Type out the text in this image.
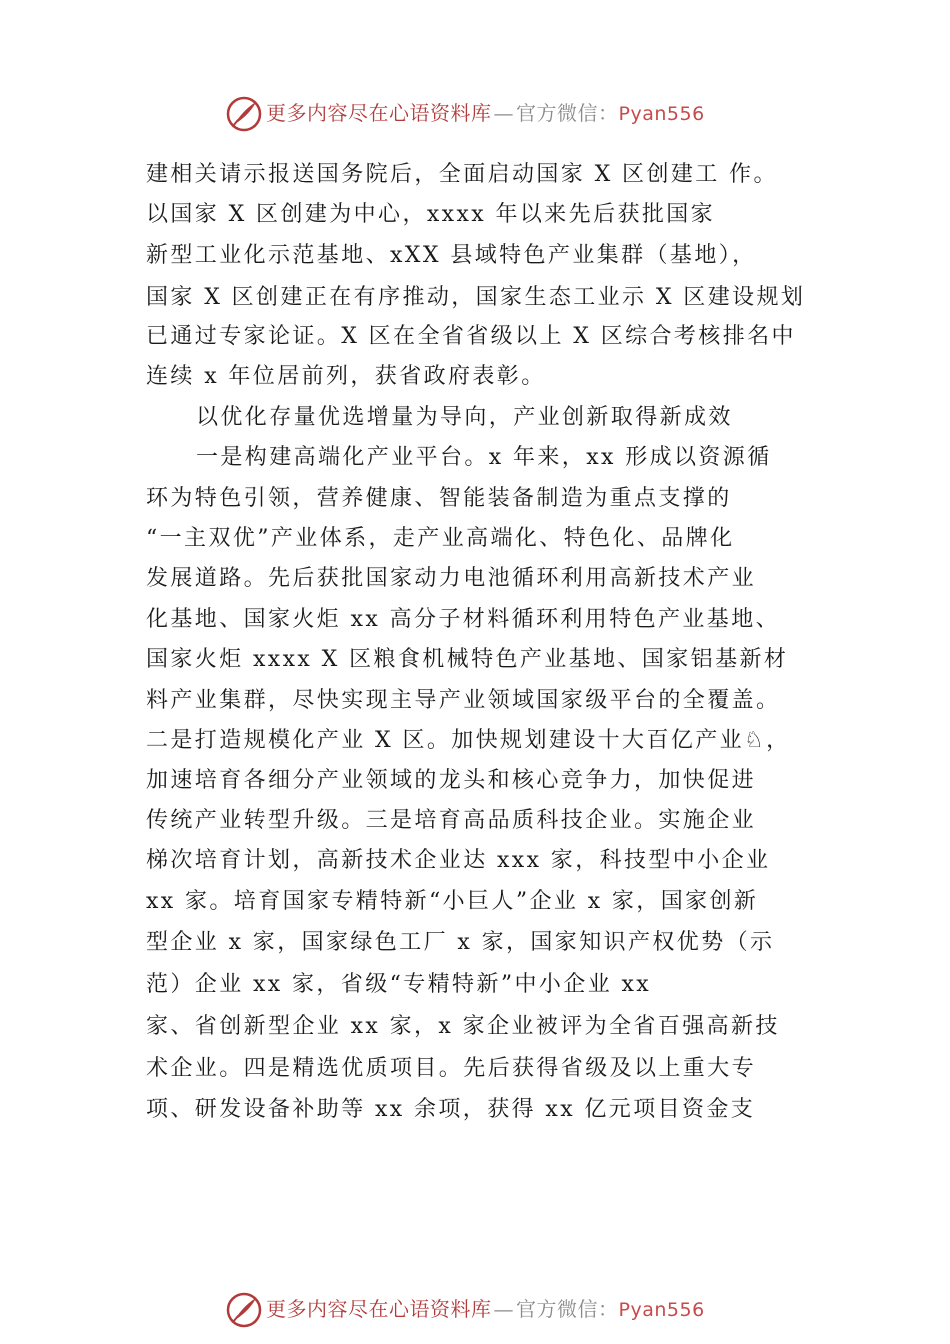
更多内容尽在心语资料库 — 官方微信：Pyan556
建相关请示报送国务院后，全面启动国家 X 区创建工 作。
以国家 X 区创建为中心，xxxx 年以来先后获批国家
新型工业化示范基地、xXX 县域特色产业集群（基地），
国家 X 区创建正在有序推动，国家生态工业示 X 区建设规划
已通过专家论证。X 区在全省省级以上 X 区综合考核排名中
连续 x 年位居前列，获省政府表彰。
以优化存量优选增量为导向，产业创新取得新成效
一是构建高端化产业平台。x 年来，xx 形成以资源循
环为特色引领，营养健康、智能装备制造为重点支撑的
“一主双优”产业体系，走产业高端化、特色化、品牌化
发展道路。先后获批国家动力电池循环利用高新技术产业
化基地、国家火炬 xx 高分子材料循环利用特色产业基地、
国家火炬 xxxx X 区粮食机械特色产业基地、国家铝基新材
料产业集群，尽快实现主导产业领域国家级平台的全覆盖。
二是打造规模化产业 X 区。加快规划建设十大百亿产业♘，
加速培育各细分产业领域的龙头和核心竞争力，加快促进
传统产业转型升级。三是培育高品质科技企业。实施企业
梯次培育计划，高新技术企业达 xxx 家，科技型中小企业
xx 家。培育国家专精特新“小巨人”企业 x 家，国家创新
型企业 x 家，国家绿色工厂 x 家，国家知识产权优势（示
范）企业 xx 家，省级“专精特新”中小企业 xx
家、省创新型企业 xx 家，x 家企业被评为全省百强高新技
术企业。四是精选优质项目。先后获得省级及以上重大专
项、研发设备补助等 xx 余项，获得 xx 亿元项目资金支
更多内容尽在心语资料库 — 官方微信：Pyan556
